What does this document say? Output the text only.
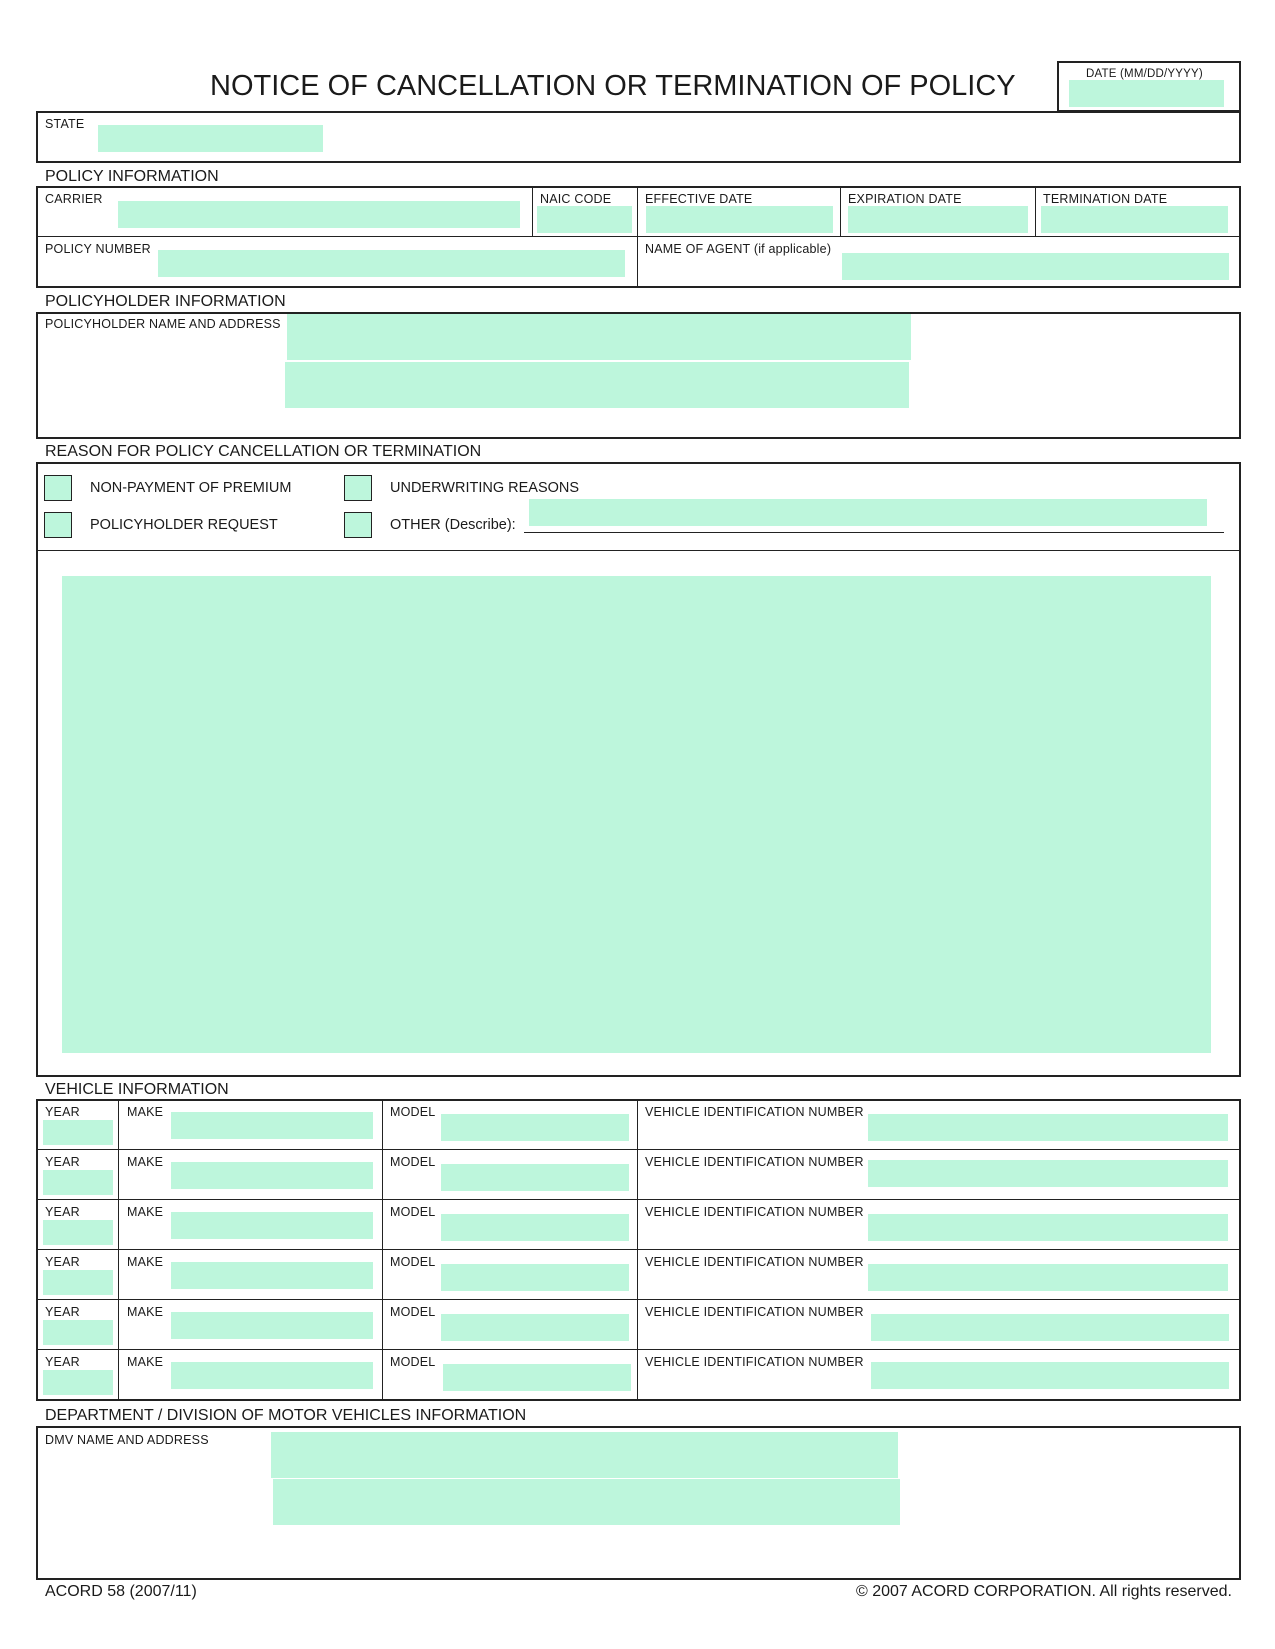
NOTICE OF CANCELLATION OR TERMINATION OF POLICY	DATE (MM/DD/YYYY)
STATE
POLICY INFORMATION
CARRIER	NAIC CODE	EFFECTIVE DATE	EXPIRATION DATE	TERMINATION DATE
POLICY NUMBER	NAME OF AGENT (if applicable)
POLICYHOLDER INFORMATION
POLICYHOLDER NAME AND ADDRESS
REASON FOR POLICY CANCELLATION OR TERMINATION
NON-PAYMENT OF PREMIUM	UNDERWRITING REASONS
POLICYHOLDER REQUEST	OTHER (Describe):
VEHICLE INFORMATION
YEAR	MAKE	MODEL	VEHICLE IDENTIFICATION NUMBER
YEAR	MAKE	MODEL	VEHICLE IDENTIFICATION NUMBER
YEAR	MAKE	MODEL	VEHICLE IDENTIFICATION NUMBER
YEAR	MAKE	MODEL	VEHICLE IDENTIFICATION NUMBER
YEAR	MAKE	MODEL	VEHICLE IDENTIFICATION NUMBER
YEAR	MAKE	MODEL	VEHICLE IDENTIFICATION NUMBER
DEPARTMENT / DIVISION OF MOTOR VEHICLES INFORMATION
DMV NAME AND ADDRESS
ACORD 58 (2007/11)	© 2007 ACORD CORPORATION. All rights reserved.
